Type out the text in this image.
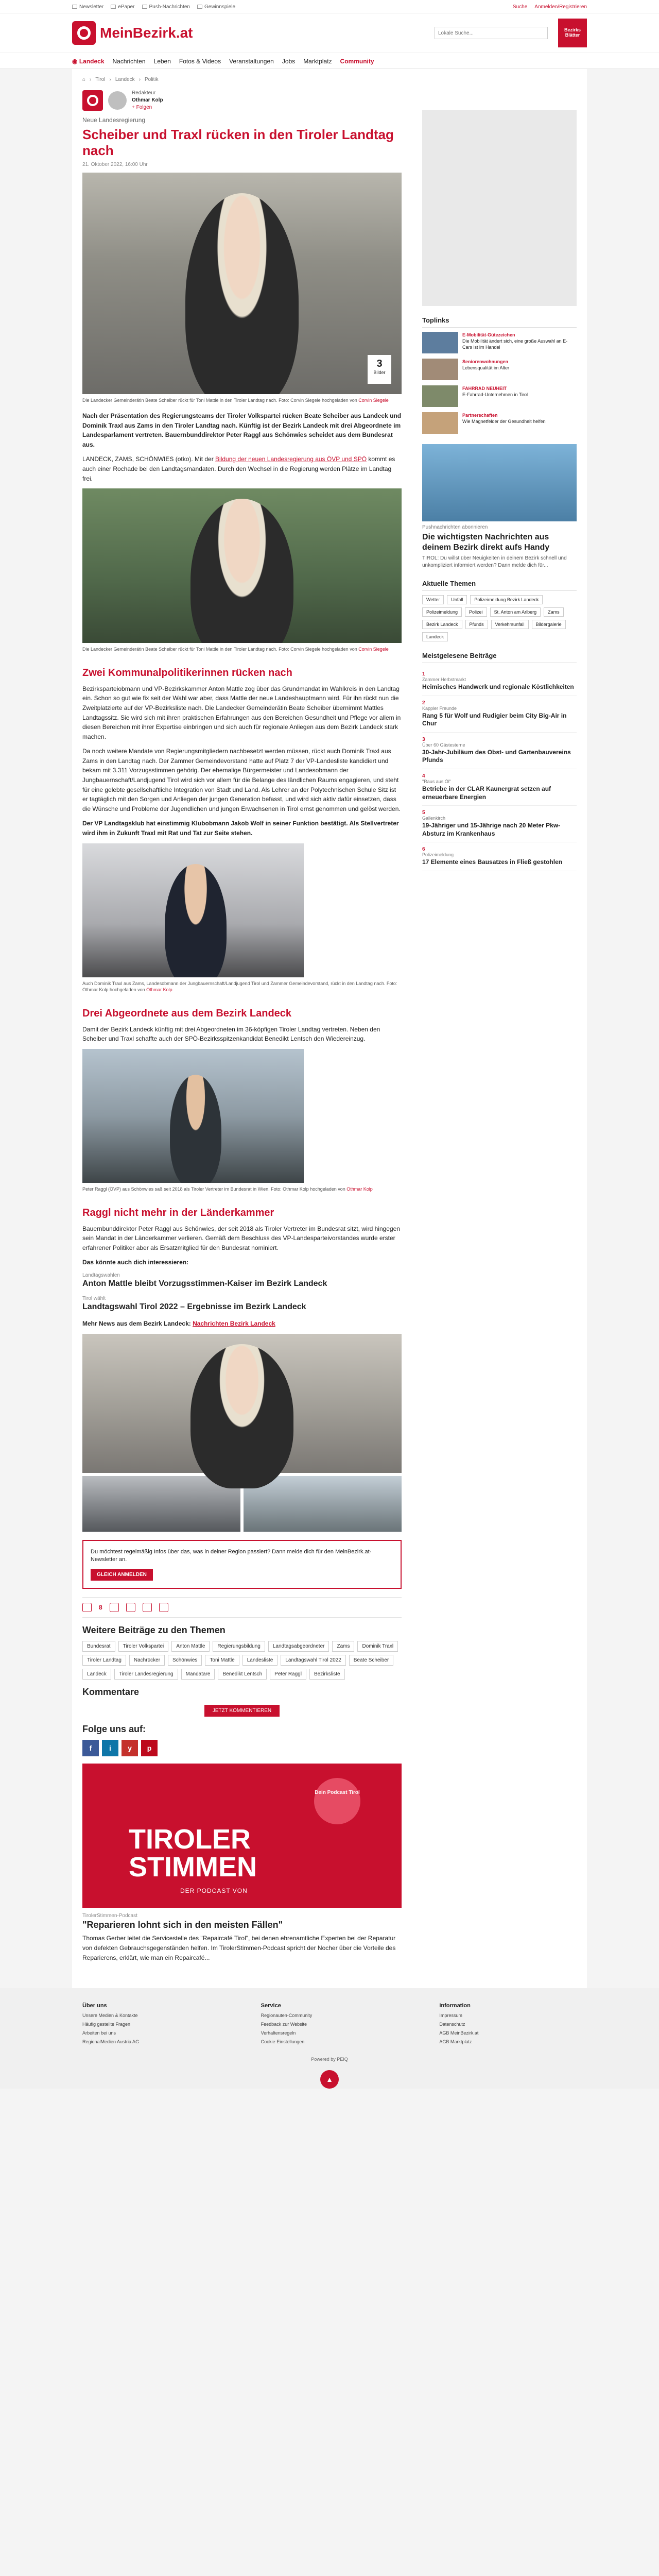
Newsletter	ePaper	Push-Nachrichten	Gewinnspiele	Suche Anmelden/Registrieren
MeinBezirk.at
Lokale Suche...	Bezirks Blätter
◉ Landeck Nachrichten Leben Fotos & Videos Veranstaltungen Jobs Marktplatz Community
⌂ › Tirol › Landeck › Politik
Redakteur
Othmar Kolp
+ Folgen
Neue Landesregierung
Scheiber und Traxl rücken in den Tiroler Landtag nach
21. Oktober 2022, 16:00 Uhr
3
Bilder
Die Landecker Gemeinderätin Beate Scheiber rückt für Toni Mattle in den Tiroler Landtag nach. Foto: Corvin Siegele hochgeladen von Corvin Siegele

Nach der Präsentation des Regierungsteams der Tiroler Volkspartei rücken Beate Scheiber aus Landeck und Dominik Traxl aus Zams in den Tiroler Landtag nach. Künftig ist der Bezirk Landeck mit drei Abgeordnete im Landesparlament vertreten. Bauernbunddirektor Peter Raggl aus Schönwies scheidet aus dem Bundesrat aus.

LANDECK, ZAMS, SCHÖNWIES (otko). Mit der Bildung der neuen Landesregierung aus ÖVP und SPÖ kommt es auch einer Rochade bei den Landtagsmandaten. Durch den Wechsel in die Regierung werden Plätze im Landtag frei.

Die Landecker Gemeinderätin Beate Scheiber rückt für Toni Mattle in den Tiroler Landtag nach. Foto: Corvin Siegele hochgeladen von Corvin Siegele
Zwei Kommunalpolitikerinnen rücken nach

Bezirksparteiobmann und VP-Bezirkskammer Anton Mattle zog über das Grundmandat im Wahlkreis in den Landtag ein. Schon so gut wie fix seit der Wahl war aber, dass Mattle der neue Landeshauptmann wird. Für ihn rückt nun die Zweitplatzierte auf der VP-Bezirksliste nach. Die Landecker Gemeinderätin Beate Scheiber übernimmt Mattles Landtagssitz. Sie wird sich mit ihren praktischen Erfahrungen aus den Bereichen Gesundheit und Pflege vor allem in diesen Bereichen mit ihrer Expertise einbringen und sich auch für regionale Anliegen aus dem Bezirk Landeck stark machen.

Da noch weitere Mandate von Regierungsmitgliedern nachbesetzt werden müssen, rückt auch Dominik Traxl aus Zams in den Landtag nach. Der Zammer Gemeindevorstand hatte auf Platz 7 der VP-Landesliste kandidiert und bekam mit 3.311 Vorzugsstimmen gehörig. Der ehemalige Bürgermeister und Landesobmann der Jungbauernschaft/Landjugend Tirol wird sich vor allem für die Belange des ländlichen Raums engagieren, und steht für eine gelebte gesellschaftliche Integration von Stadt und Land. Als Lehrer an der Polytechnischen Schule Sitz ist er tagtäglich mit den Sorgen und Anliegen der jungen Generation befasst, und wird sich aktiv dafür einsetzen, dass die Wünsche und Probleme der Jugendlichen und jungen Erwachsenen in Tirol ernst genommen und gelöst werden.

Der VP Landtagsklub hat einstimmig Klubobmann Jakob Wolf in seiner Funktion bestätigt. Als Stellvertreter wird ihm in Zukunft Traxl mit Rat und Tat zur Seite stehen.

Auch Dominik Traxl aus Zams, Landesobmann der Jungbauernschaft/Landjugend Tirol und Zammer Gemeindevorstand, rückt in den Landtag nach. Foto: Othmar Kolp hochgeladen von Othmar Kolp
Drei Abgeordnete aus dem Bezirk Landeck

Damit der Bezirk Landeck künftig mit drei Abgeordneten im 36-köpfigen Tiroler Landtag vertreten. Neben den Scheiber und Traxl schaffte auch der SPÖ-Bezirksspitzenkandidat Benedikt Lentsch den Wiedereinzug.

Peter Raggl (ÖVP) aus Schönwies saß seit 2018 als Tiroler Vertreter im Bundesrat in Wien. Foto: Othmar Kolp hochgeladen von Othmar Kolp
Raggl nicht mehr in der Länderkammer

Bauernbunddirektor Peter Raggl aus Schönwies, der seit 2018 als Tiroler Vertreter im Bundesrat sitzt, wird hingegen sein Mandat in der Länderkammer verlieren. Gemäß dem Beschluss des VP-Landesparteivorstandes wurde erster erfahrener Politiker aber als Ersatzmitglied für den Bundesrat nominiert.

Das könnte auch dich interessieren:

Landtagswahlen
Anton Mattle bleibt Vorzugsstimmen-Kaiser im Bezirk Landeck
Tirol wählt
Landtagswahl Tirol 2022 – Ergebnisse im Bezirk Landeck

Mehr News aus dem Bezirk Landeck: Nachrichten Bezirk Landeck

Du möchtest regelmäßig Infos über das, was in deiner Region passiert? Dann melde dich für den MeinBezirk.at-Newsletter an.

GLEICH ANMELDEN
8
Weitere Beiträge zu den Themen
Bundesrat	Tiroler Volkspartei	Anton Mattle	Regierungsbildung	Landtagsabgeordneter	Zams	Dominik Traxl
Tiroler Landtag	Nachrücker	Schönwies	Toni Mattle	Landesliste	Landtagswahl Tirol 2022	Beate Scheiber
Landeck	Tiroler Landesregierung	Mandatare	Benedikt Lentsch	Peter Raggl	Bezirksliste
Kommentare
JETZT KOMMENTIEREN
Folge uns auf:
f	i	y	p
TIROLER
STIMMEN
DER PODCAST VON
Dein Podcast Tirol
TirolerStimmen-Podcast
"Reparieren lohnt sich in den meisten Fällen"

Thomas Gerber leitet die Servicestelle des "Repaircafé Tirol", bei denen ehrenamtliche Experten bei der Reparatur von defekten Gebrauchsgegenständen helfen. Im TirolerStimmen-Podcast spricht der Nocher über die Vorteile des Reparierens, erklärt, wie man ein Repaircafé...

Toplinks
E-Mobilität-Gütezeichen
Die Mobilität ändert sich, eine große Auswahl an E-Cars ist im Handel
Seniorenwohnungen
Lebensqualität im Alter
FAHRRAD NEUHEIT
E-Fahrrad-Unternehmen in Tirol
Partnerschaften
Wie Magnetfelder der Gesundheit helfen
Pushnachrichten abonnieren
Die wichtigsten Nachrichten aus deinem Bezirk direkt aufs Handy
TIROL: Du willst über Neuigkeiten in deinem Bezirk schnell und unkompliziert informiert werden? Dann melde dich für...
Aktuelle Themen
Wetter	Unfall	Polizeimeldung Bezirk Landeck
Polizeimeldung	Polizei	St. Anton am Arlberg	Zams
Bezirk Landeck	Pfunds	Verkehrsunfall	Bildergalerie
Landeck
Meistgelesene Beiträge
1
Zammer Herbstmarkt
Heimisches Handwerk und regionale Köstlichkeiten
2
Kappler Freunde
Rang 5 für Wolf und Rudigier beim City Big-Air in Chur
3
Über 60 Gästesterne
30-Jahr-Jubiläum des Obst- und Gartenbauvereins Pfunds
4
"Raus aus Öl"
Betriebe in der CLAR Kaunergrat setzen auf erneuerbare Energien
5
Gallenkirch
19-Jähriger und 15-Jährige nach 20 Meter Pkw-Absturz im Krankenhaus
6
Polizeimeldung
17 Elemente eines Bausatzes in Fließ gestohlen
Über uns
Unsere Medien & Kontakte
Häufig gestellte Fragen
Arbeiten bei uns
RegionalMedien Austria AG
Service
Regionauten-Community
Feedback zur Website
Verhaltensregeln
Cookie Einstellungen
Information
Impressum
Datenschutz
AGB MeinBezirk.at
AGB Marktplatz
Powered by PEIQ
▲
